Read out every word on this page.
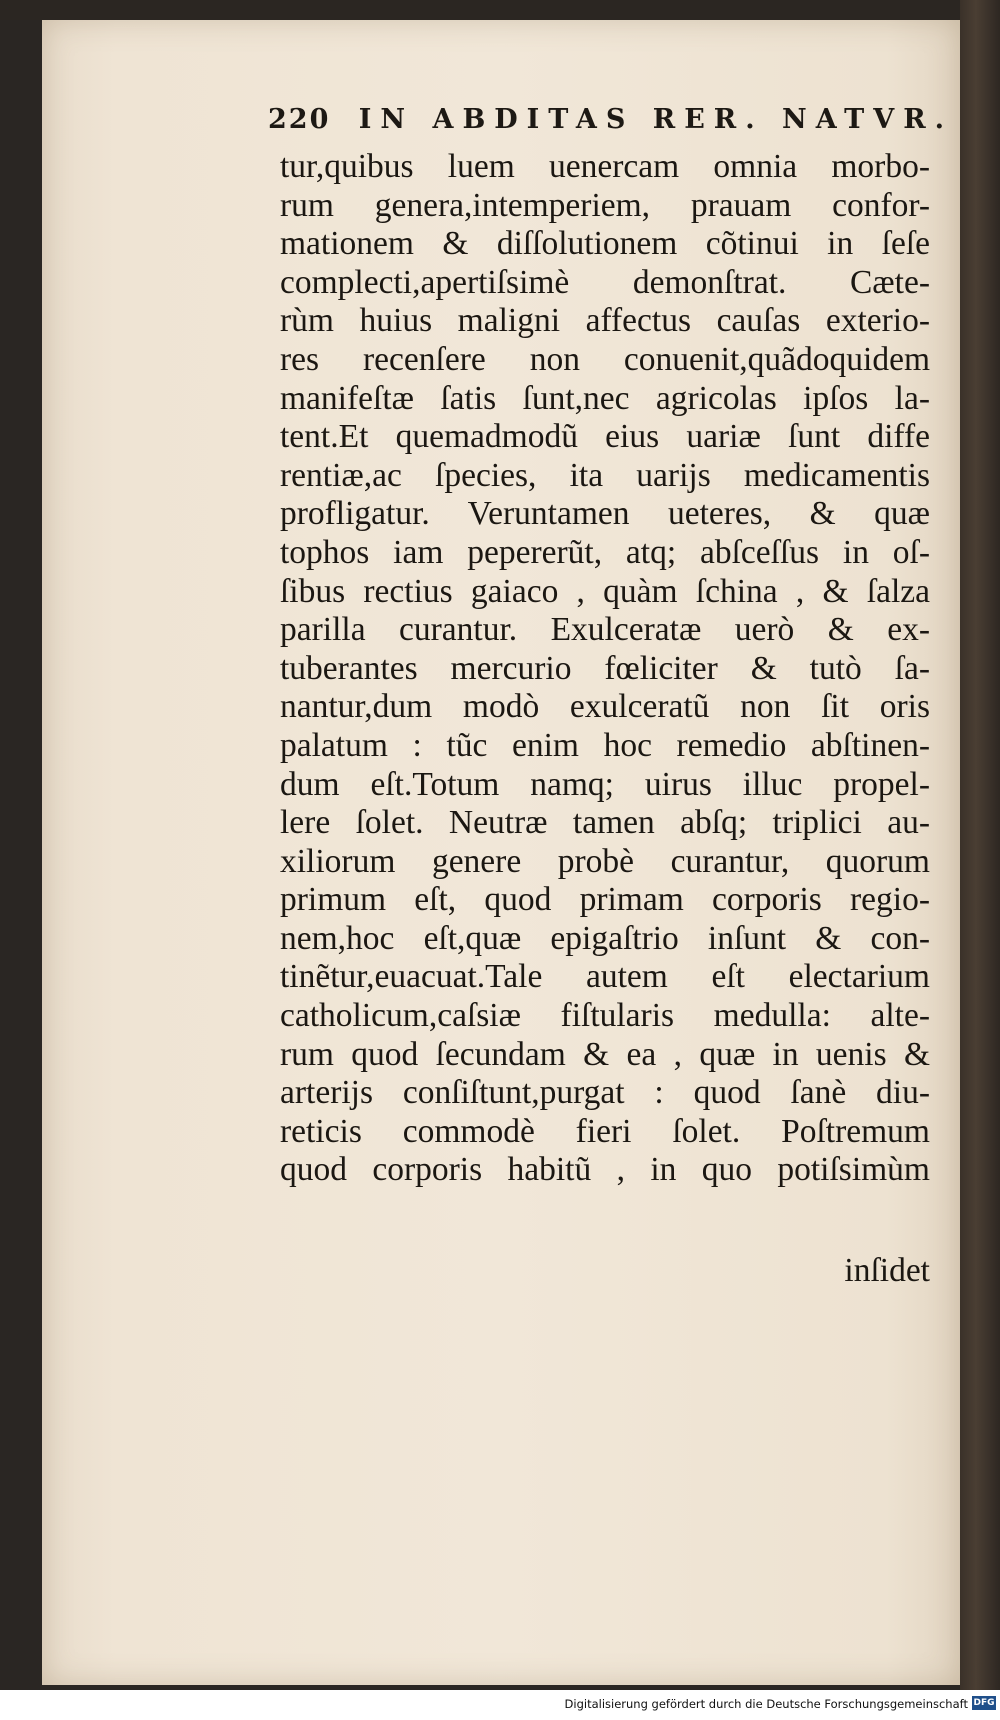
220 IN ABDITAS RER. NATVR.
tur,quibus luem uenercam omnia morbo-
rum genera,intemperiem, prauam confor-
mationem & diſſolutionem cõtinui in ſeſe
complecti,apertiſsimè demonſtrat. Cæte-
rùm huius maligni affectus cauſas exterio-
res recenſere non conuenit,quãdoquidem
manifeſtæ ſatis ſunt,nec agricolas ipſos la-
tent.Et quemadmodũ eius uariæ ſunt diffe
rentiæ,ac ſpecies, ita uarijs medicamentis
profligatur. Veruntamen ueteres, & quæ
tophos iam pepererũt, atq; abſceſſus in oſ-
ſibus rectius gaiaco , quàm ſchina , & ſalza
parilla curantur. Exulceratæ uerò & ex-
tuberantes mercurio fœliciter & tutò ſa-
nantur,dum modò exulceratũ non ſit oris
palatum : tũc enim hoc remedio abſtinen-
dum eſt.Totum namq; uirus illuc propel-
lere ſolet. Neutræ tamen abſq; triplici au-
xiliorum genere probè curantur, quorum
primum eſt, quod primam corporis regio-
nem,hoc eſt,quæ epigaſtrio inſunt & con-
tinẽtur,euacuat.Tale autem eſt electarium
catholicum,caſsiæ fiſtularis medulla: alte-
rum quod ſecundam & ea , quæ in uenis &
arterijs conſiſtunt,purgat : quod ſanè diu-
reticis commodè fieri ſolet. Poſtremum
quod corporis habitũ , in quo potiſsimùm
inſidet
Digitalisierung gefördert durch die Deutsche Forschungsgemeinschaft DFG
